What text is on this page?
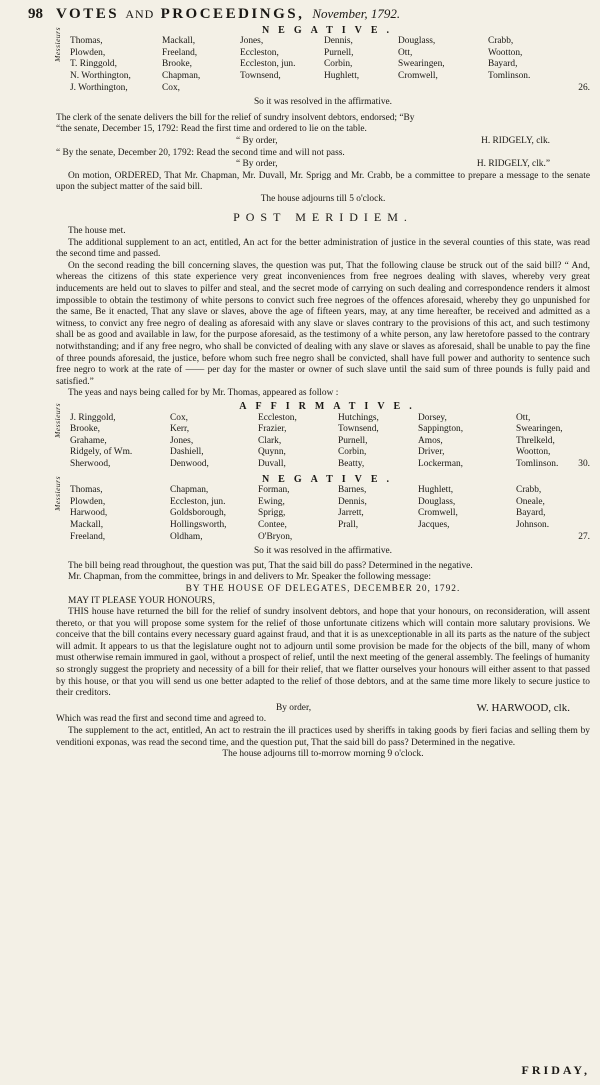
98 VOTES AND PROCEEDINGS, November, 1792.
NEGATIVE.
Messieurs Thomas,	Mackall,	Jones,	Dennis,	Douglass,	Crabb,
Plowden,	Freeland,	Eccleston,	Purnell,	Ott,	Wootton,
T. Ringgold,	Brooke,	Eccleston, jun.	Corbin,	Swearingen,	Bayard,
N. Worthington,	Chapman,	Townsend,	Hughlett,	Cromwell,	Tomlinson.
J. Worthington,	Cox,	26.
So it was resolved in the affirmative.
The clerk of the senate delivers the bill for the relief of sundry insolvent debtors, endorsed; “By
“the senate, December 15, 1792: Read the first time and ordered to lie on the table.
“ By order,	H. RIDGELY, clk.
“ By the senate, December 20, 1792: Read the second time and will not pass.
“ By order,	H. RIDGELY, clk.”
On motion, ORDERED, That Mr. Chapman, Mr. Duvall, Mr. Sprigg and Mr. Crabb, be a committee to prepare a message to the senate upon the subject matter of the said bill.
The house adjourns till 5 o'clock.
POST MERIDIEM.
The house met.
The additional supplement to an act, entitled, An act for the better administration of justice in the several counties of this state, was read the second time and passed.
On the second reading the bill concerning slaves, the question was put, That the following clause be struck out of the said bill? “ And, whereas the citizens of this state experience very great inconveniences from free negroes dealing with slaves, whereby very great inducements are held out to slaves to pilfer and steal, and the secret mode of carrying on such dealing and correspondence renders it almost impossible to obtain the testimony of white persons to convict such free negroes of the offences aforesaid, whereby they go unpunished for the same, Be it enacted, That any slave or slaves, above the age of fifteen years, may, at any time hereafter, be received and admitted as a witness, to convict any free negro of dealing as aforesaid with any slave or slaves contrary to the provisions of this act, and such testimony shall be as good and available in law, for the purpose aforesaid, as the testimony of a white person, any law heretofore passed to the contrary notwithstanding; and if any free negro, who shall be convicted of dealing with any slave or slaves as aforesaid, shall be unable to pay the fine of three pounds aforesaid, the justice, before whom such free negro shall be convicted, shall have full power and authority to sentence such free negro to work at the rate of —— per day for the master or owner of such slave until the said sum of three pounds is fully paid and satisfied.”
The yeas and nays being called for by Mr. Thomas, appeared as follow :
AFFIRMATIVE.
Messieurs J. Ringgold,	Cox,	Eccleston,	Hutchings,	Dorsey,	Ott,
Brooke,	Kerr,	Frazier,	Townsend,	Sappington,	Swearingen,
Grahame,	Jones,	Clark,	Purnell,	Amos,	Threlkeld,
Ridgely, of Wm.	Dashiell,	Quynn,	Corbin,	Driver,	Wootton,
Sherwood,	Denwood,	Duvall,	Beatty,	Lockerman,	Tomlinson.	30.
NEGATIVE.
Messieurs Thomas,	Chapman,	Forman,	Barnes,	Hughlett,	Crabb,
Plowden,	Eccleston, jun.	Ewing,	Dennis,	Douglass,	Oneale,
Harwood,	Goldsborough,	Sprigg,	Jarrett,	Cromwell,	Bayard,
Mackall,	Hollingsworth,	Contee,	Prall,	Jacques,	Johnson.
Freeland,	Oldham,	O'Bryon,	27.
So it was resolved in the affirmative.
The bill being read throughout, the question was put, That the said bill do pass? Determined in the negative.
Mr. Chapman, from the committee, brings in and delivers to Mr. Speaker the following message:
BY THE HOUSE OF DELEGATES, DECEMBER 20, 1792.
MAY IT PLEASE YOUR HONOURS,
THIS house have returned the bill for the relief of sundry insolvent debtors, and hope that your honours, on reconsideration, will assent thereto, or that you will propose some system for the relief of those unfortunate citizens which will contain more salutary provisions. We conceive that the bill contains every necessary guard against fraud, and that it is as unexceptionable in all its parts as the nature of the subject will admit. It appears to us that the legislature ought not to adjourn until some provision be made for the objects of the bill, many of whom must otherwise remain immured in gaol, without a prospect of relief, until the next meeting of the general assembly. The feelings of humanity so strongly suggest the propriety and necessity of a bill for their relief, that we flatter ourselves your honours will either assent to that passed by this house, or that you will send us one better adapted to the relief of those debtors, and at the same time more likely to secure justice to their creditors.
By order,	W. HARWOOD, clk.
Which was read the first and second time and agreed to.
The supplement to the act, entitled, An act to restrain the ill practices used by sheriffs in taking goods by fieri facias and selling them by venditioni exponas, was read the second time, and the question put, That the said bill do pass? Determined in the negative.
The house adjourns till to-morrow morning 9 o'clock.
FRIDAY,
